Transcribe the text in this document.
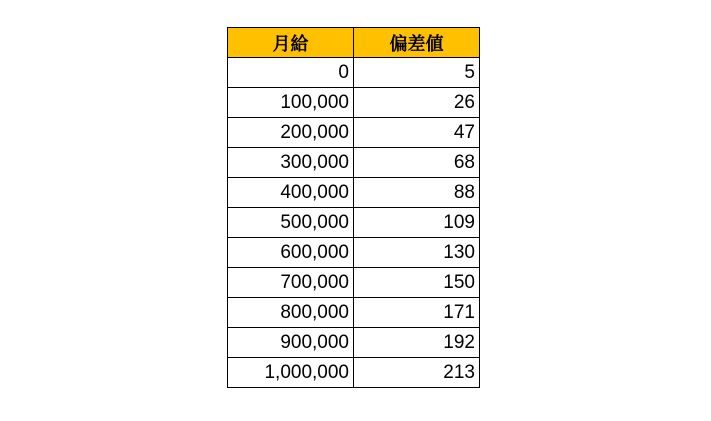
月給	偏差値
0	5
100,000	26
200,000	47
300,000	68
400,000	88
500,000	109
600,000	130
700,000	150
800,000	171
900,000	192
1,000,000	213
